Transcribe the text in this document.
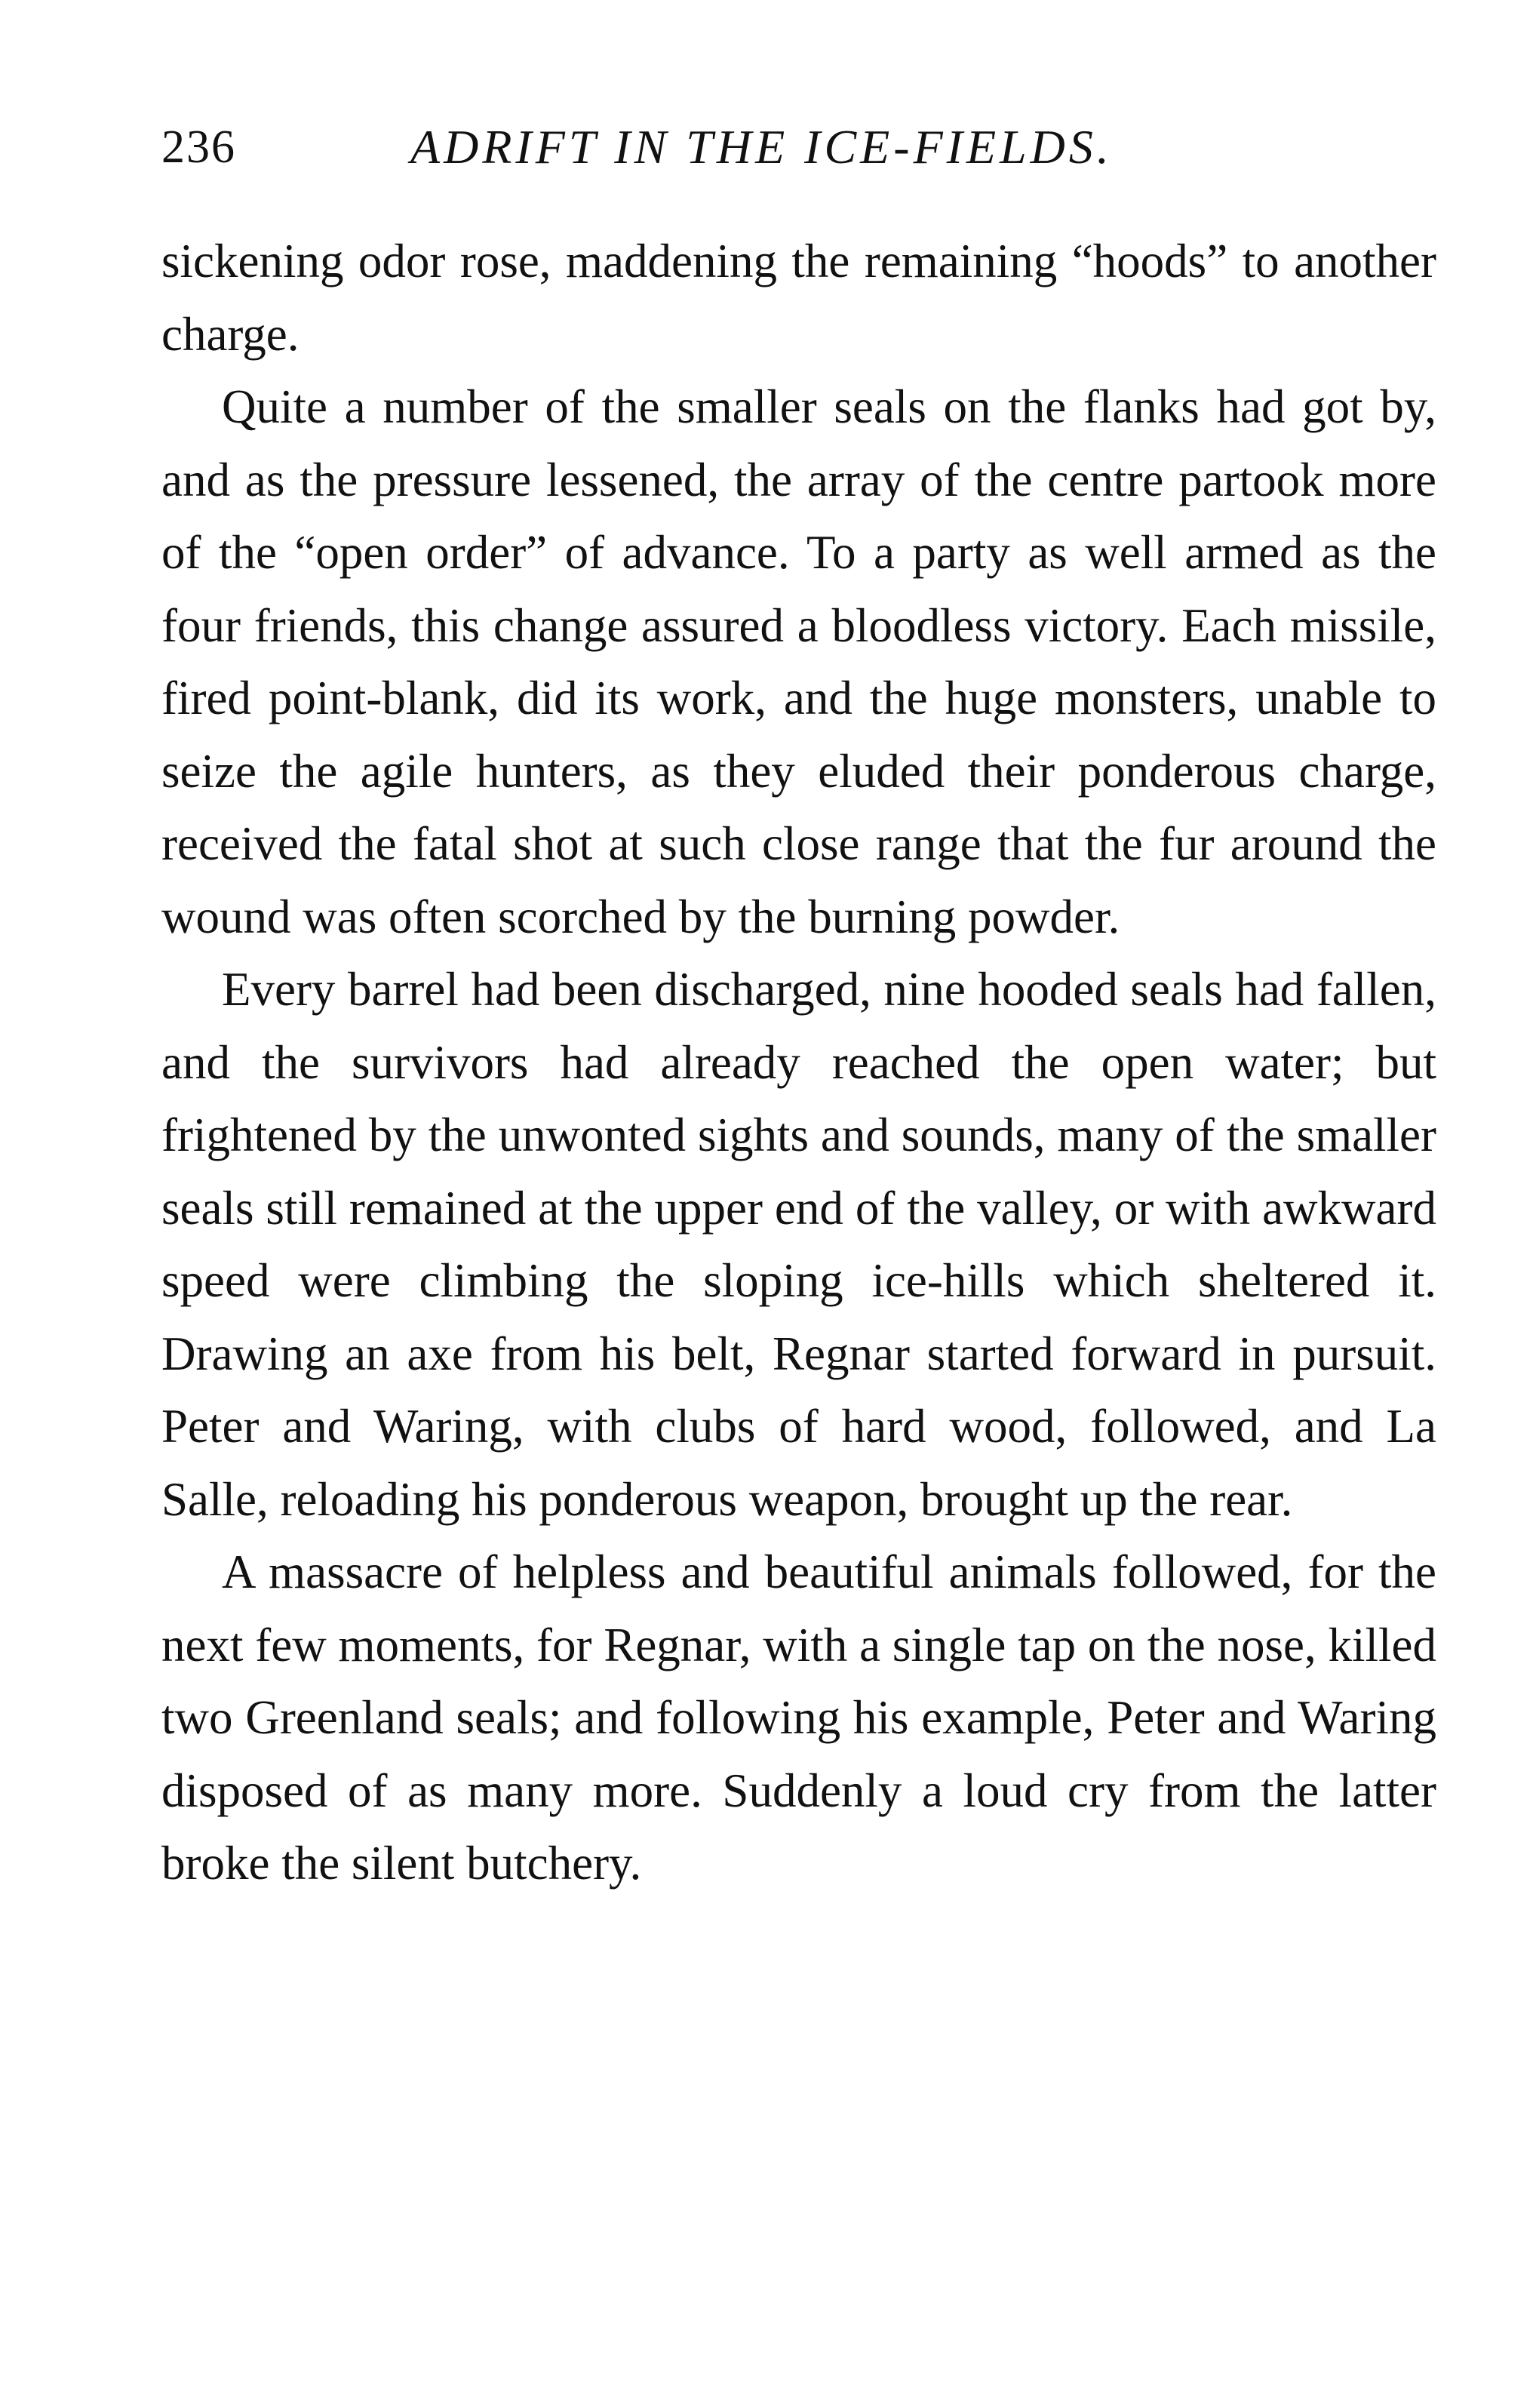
236	ADRIFT IN THE ICE-FIELDS.

sickening odor rose, maddening the remaining “hoods” to another charge.

Quite a number of the smaller seals on the flanks had got by, and as the pressure lessened, the array of the centre partook more of the “open order” of advance. To a party as well armed as the four friends, this change assured a bloodless victory. Each missile, fired point-blank, did its work, and the huge monsters, unable to seize the agile hunters, as they eluded their ponderous charge, received the fatal shot at such close range that the fur around the wound was often scorched by the burning powder.

Every barrel had been discharged, nine hooded seals had fallen, and the survivors had already reached the open water; but frightened by the unwonted sights and sounds, many of the smaller seals still remained at the upper end of the valley, or with awkward speed were climbing the sloping ice-hills which sheltered it. Drawing an axe from his belt, Regnar started forward in pursuit. Peter and Waring, with clubs of hard wood, followed, and La Salle, reloading his ponderous weapon, brought up the rear.

A massacre of helpless and beautiful animals followed, for the next few moments, for Regnar, with a single tap on the nose, killed two Greenland seals; and following his example, Peter and Waring disposed of as many more. Suddenly a loud cry from the latter broke the silent butchery.
